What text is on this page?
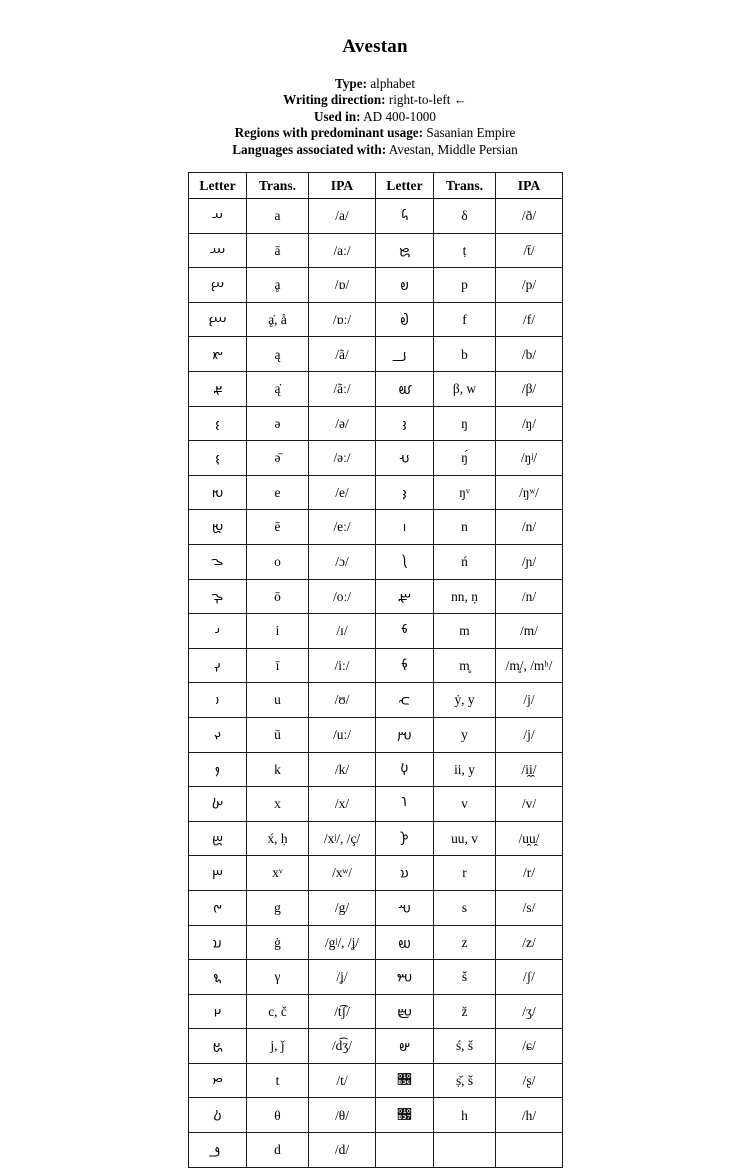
Avestan
Type: alphabet
Writing direction: right-to-left ←
Used in: AD 400-1000
Regions with predominant usage: Sasanian Empire
Languages associated with: Avestan, Middle Persian
Letter	Trans.	IPA	Letter	Trans.	IPA
𐬀	a	/a/	𐬜	δ	/ð/
𐬁	ā	/aː/	𐬝	ṭ	/t̄/
𐬂	ḁ	/ɒ/	𐬞	p	/p/
𐬃	ḁ̇, å	/ɒː/	𐬟	f	/f/
𐬄	ą	/ã/	𐬠	b	/b/
𐬅	ą̇	/ãː/	𐬡	β, w	/β/
𐬆	ə	/ə/	𐬢	ŋ	/ŋ/
𐬇	ə̄	/əː/	𐬣	ŋ́	/ŋʲ/
𐬈	e	/e/	𐬤	ŋᵛ	/ŋʷ/
𐬉	ē	/eː/	𐬥	n	/n/
𐬊	o	/ɔ/	𐬦	ń	/ɲ/
𐬋	ō	/oː/	𐬧	nn, ṇ	/n/
𐬌	i	/ɪ/	𐬨	m	/m/
𐬍	ī	/iː/	𐬩	m̥	/m̥/, /mʰ/
𐬎	u	/ʊ/	𐬪	ẏ, y	/j/
𐬏	ū	/uː/	𐬫	y	/j/
𐬐	k	/k/	𐬬	ii, y	/i̯i̯/
𐬑	x	/x/	𐬭	v	/v/
𐬒	x́, ḥ	/xʲ/, /ç/	𐬮	uu, v	/u̯u̯/
𐬓	xᵛ	/xʷ/	𐬯	r	/r/
𐬔	g	/g/	𐬱	s	/s/
𐬕	ġ	/gʲ/, /ʝ/	𐬲	z	/z/
𐬖	γ	/ʝ/	𐬳	š	/ʃ/
𐬗	c, č	/t͡ʃ/	𐬴	ž	/ʒ/
𐬘	j, ǰ	/d͡ʒ/	𐬵	ś, š	/ɕ/
𐬙	t	/t/	𐬶	ṣ̌, š	/ʂ/
𐬚	θ	/θ/	𐬷	h	/h/
𐬛	d	/d/			
